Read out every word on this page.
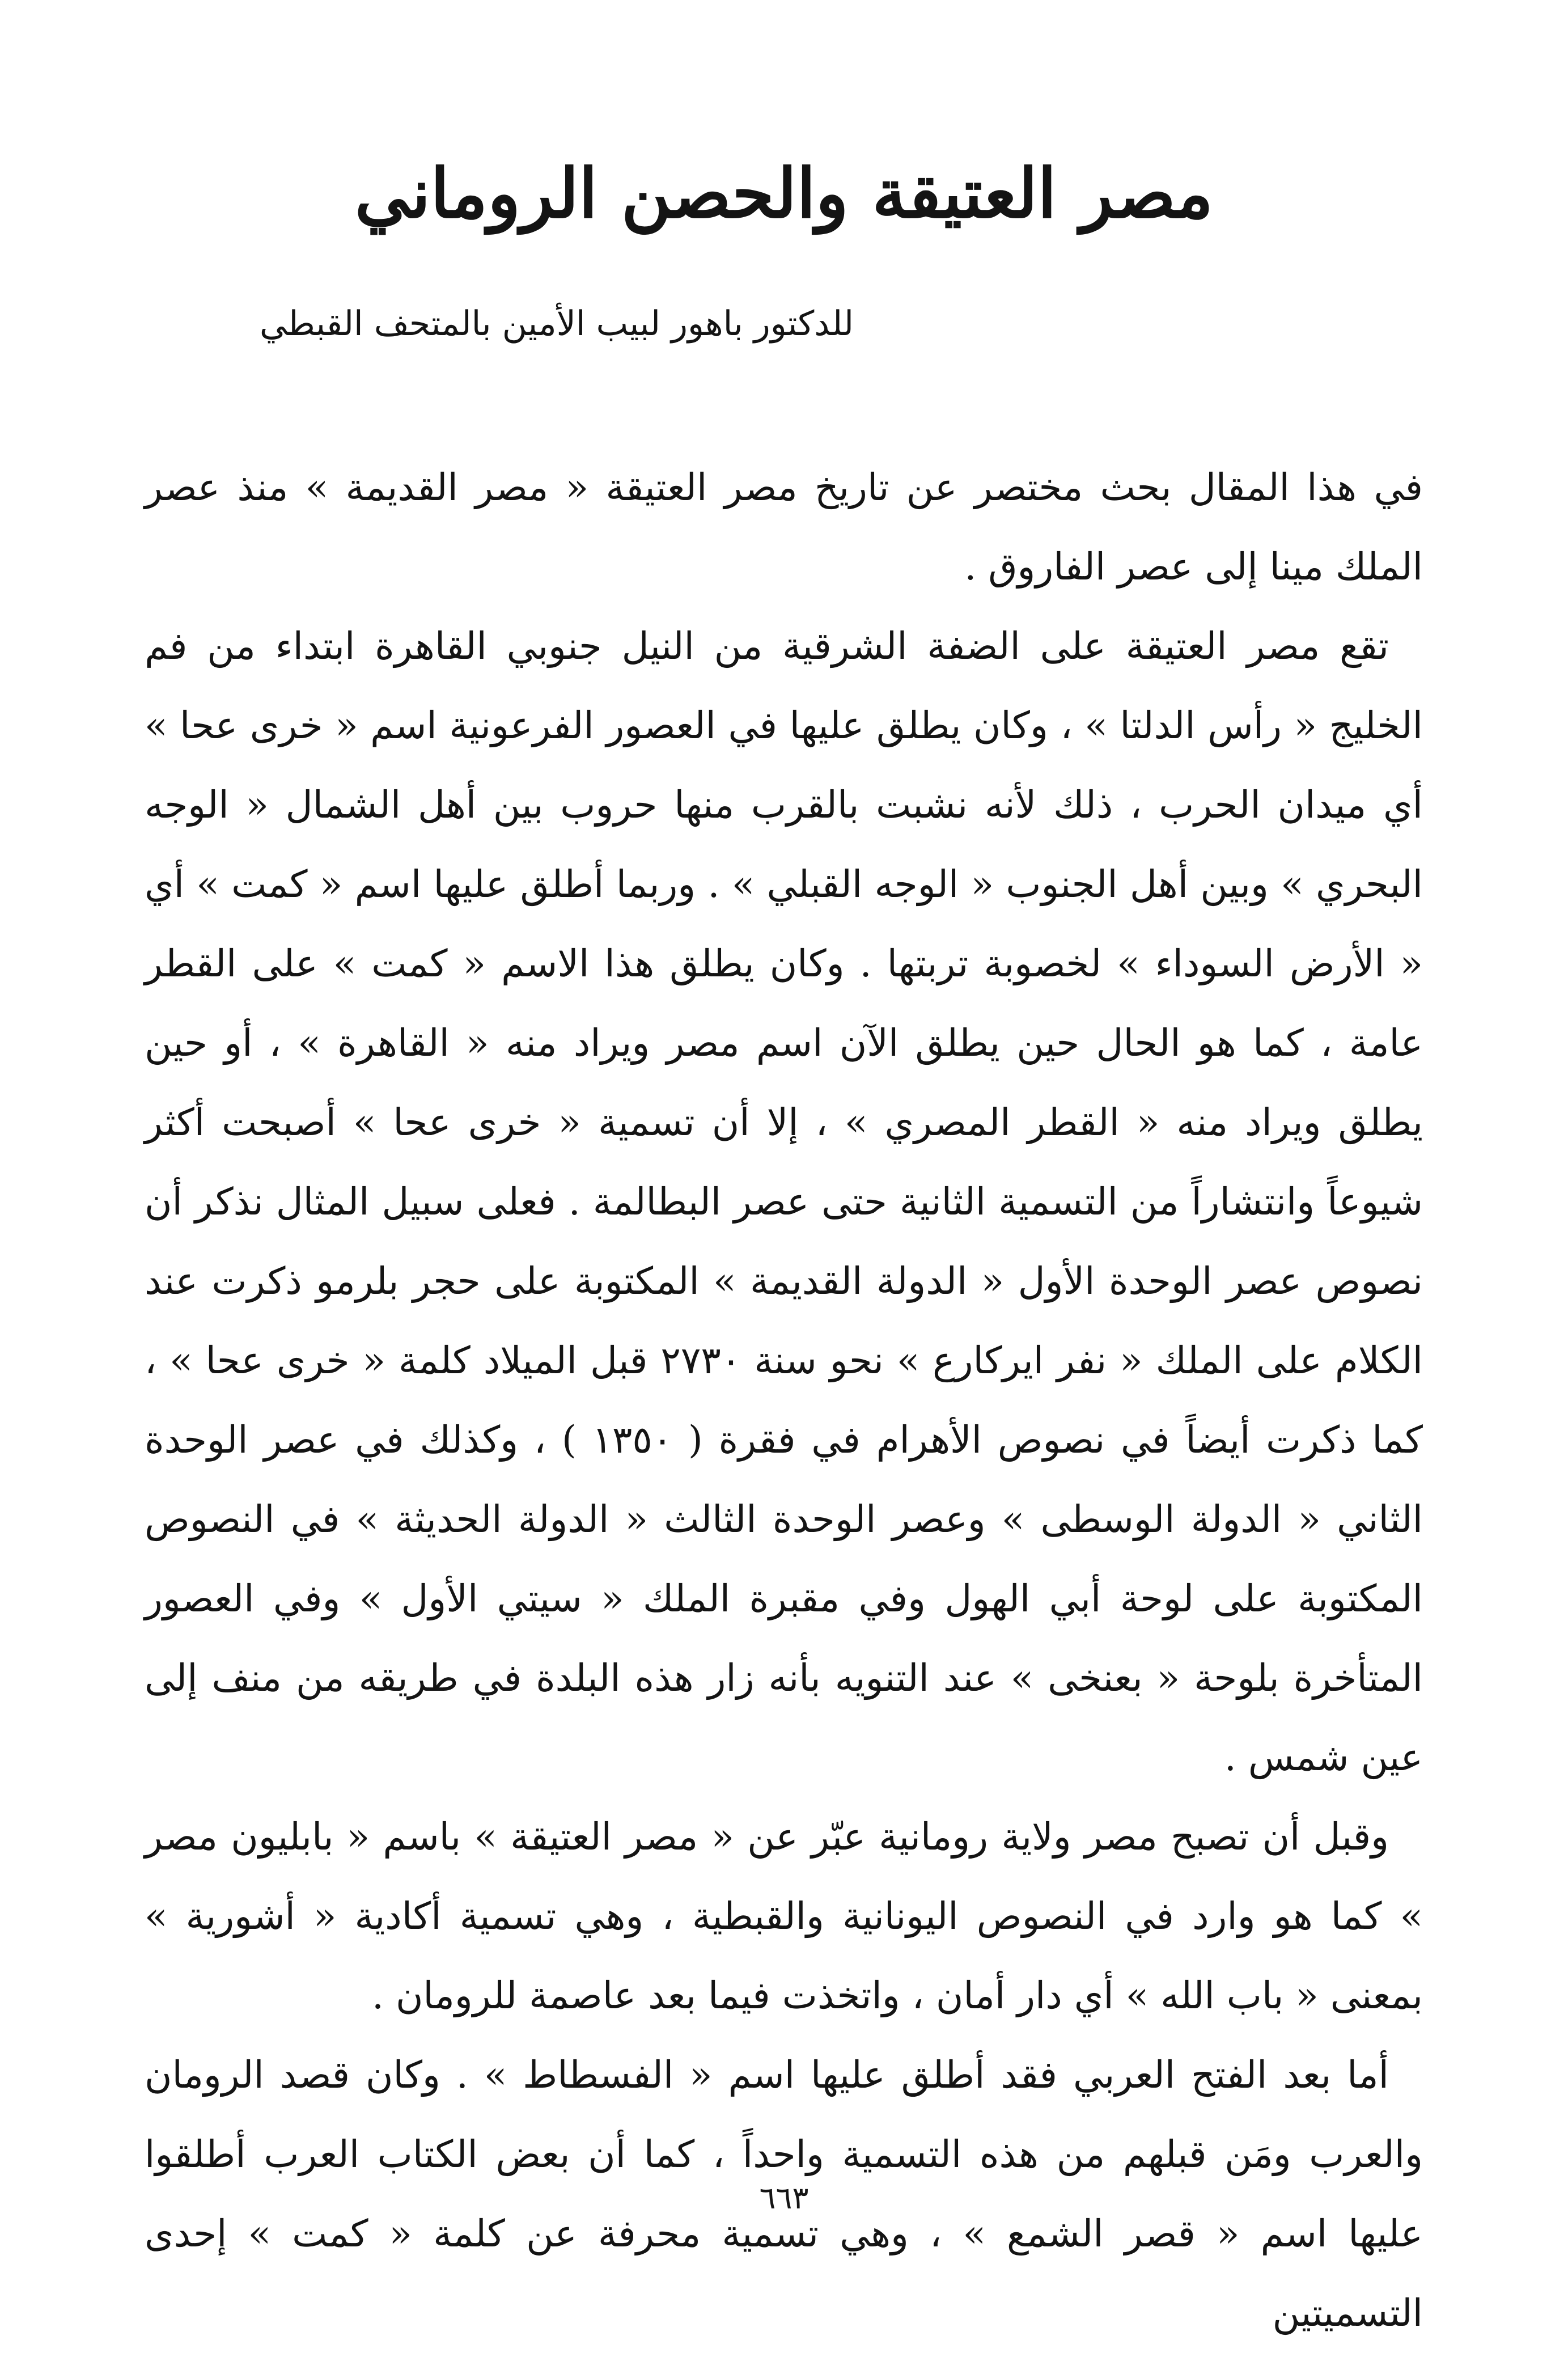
مصر العتيقة والحصن الروماني
للدكتور باهور لبيب الأمين بالمتحف القبطي

في هذا المقال بحث مختصر عن تاريخ مصر العتيقة « مصر القديمة » منذ عصر الملك مينا إلى عصر الفاروق .

تقع مصر العتيقة على الضفة الشرقية من النيل جنوبي القاهرة ابتداء من فم الخليج « رأس الدلتا » ، وكان يطلق عليها في العصور الفرعونية اسم « خرى عحا » أي ميدان الحرب ، ذلك لأنه نشبت بالقرب منها حروب بين أهل الشمال « الوجه البحري » وبين أهل الجنوب « الوجه القبلي » . وربما أطلق عليها اسم « كمت » أي « الأرض السوداء » لخصوبة تربتها . وكان يطلق هذا الاسم « كمت » على القطر عامة ، كما هو الحال حين يطلق الآن اسم مصر ويراد منه « القاهرة » ، أو حين يطلق ويراد منه « القطر المصري » ، إلا أن تسمية « خرى عحا » أصبحت أكثر شيوعاً وانتشاراً من التسمية الثانية حتى عصر البطالمة . فعلى سبيل المثال نذكر أن نصوص عصر الوحدة الأول « الدولة القديمة » المكتوبة على حجر بلرمو ذكرت عند الكلام على الملك « نفر ايركارع » نحو سنة ٢٧٣٠ قبل الميلاد كلمة « خرى عحا » ، كما ذكرت أيضاً في نصوص الأهرام في فقرة ( ١٣٥٠ ) ، وكذلك في عصر الوحدة الثاني « الدولة الوسطى » وعصر الوحدة الثالث « الدولة الحديثة » في النصوص المكتوبة على لوحة أبي الهول وفي مقبرة الملك « سيتي الأول » وفي العصور المتأخرة بلوحة « بعنخى » عند التنويه بأنه زار هذه البلدة في طريقه من منف إلى عين شمس .

وقبل أن تصبح مصر ولاية رومانية عبّر عن « مصر العتيقة » باسم « بابليون مصر » كما هو وارد في النصوص اليونانية والقبطية ، وهي تسمية أكادية « أشورية » بمعنى « باب الله » أي دار أمان ، واتخذت فيما بعد عاصمة للرومان .

أما بعد الفتح العربي فقد أطلق عليها اسم « الفسطاط » . وكان قصد الرومان والعرب ومَن قبلهم من هذه التسمية واحداً ، كما أن بعض الكتاب العرب أطلقوا عليها اسم « قصر الشمع » ، وهي تسمية محرفة عن كلمة « كمت » إحدى التسميتين

٦٦٣
